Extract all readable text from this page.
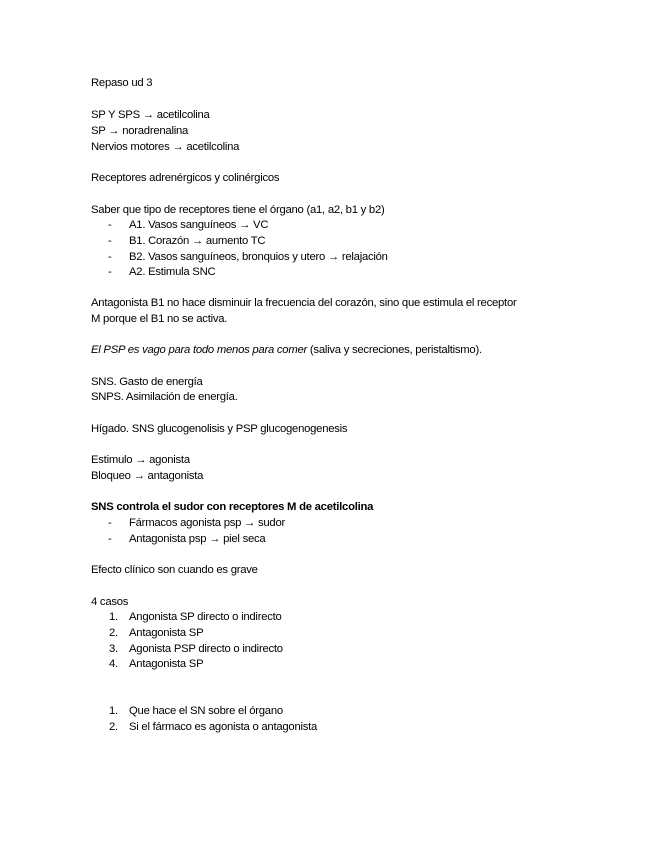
Repaso ud 3
SP Y SPS → acetilcolina
SP → noradrenalina
Nervios motores → acetilcolina
Receptores adrenérgicos y colinérgicos
Saber que tipo de receptores tiene el órgano (a1, a2, b1 y b2)
- A1. Vasos sanguíneos → VC
- B1. Corazón → aumento TC
- B2. Vasos sanguíneos, bronquios y utero → relajación
- A2. Estimula SNC
Antagonista B1 no hace disminuir la frecuencia del corazón, sino que estimula el receptor
M porque el B1 no se activa.
El PSP es vago para todo menos para comer (saliva y secreciones, peristaltismo).
SNS. Gasto de energía
SNPS. Asimilación de energía.
Hígado. SNS glucogenolisis y PSP glucogenogenesis
Estimulo → agonista
Bloqueo → antagonista
SNS controla el sudor con receptores M de acetilcolina
- Fármacos agonista psp → sudor
- Antagonista psp → piel seca
Efecto clínico son cuando es grave
4 casos
1. Angonista SP directo o indirecto
2. Antagonista SP
3. Agonista PSP directo o indirecto
4. Antagonista SP
1. Que hace el SN sobre el órgano
2. Si el fármaco es agonista o antagonista
